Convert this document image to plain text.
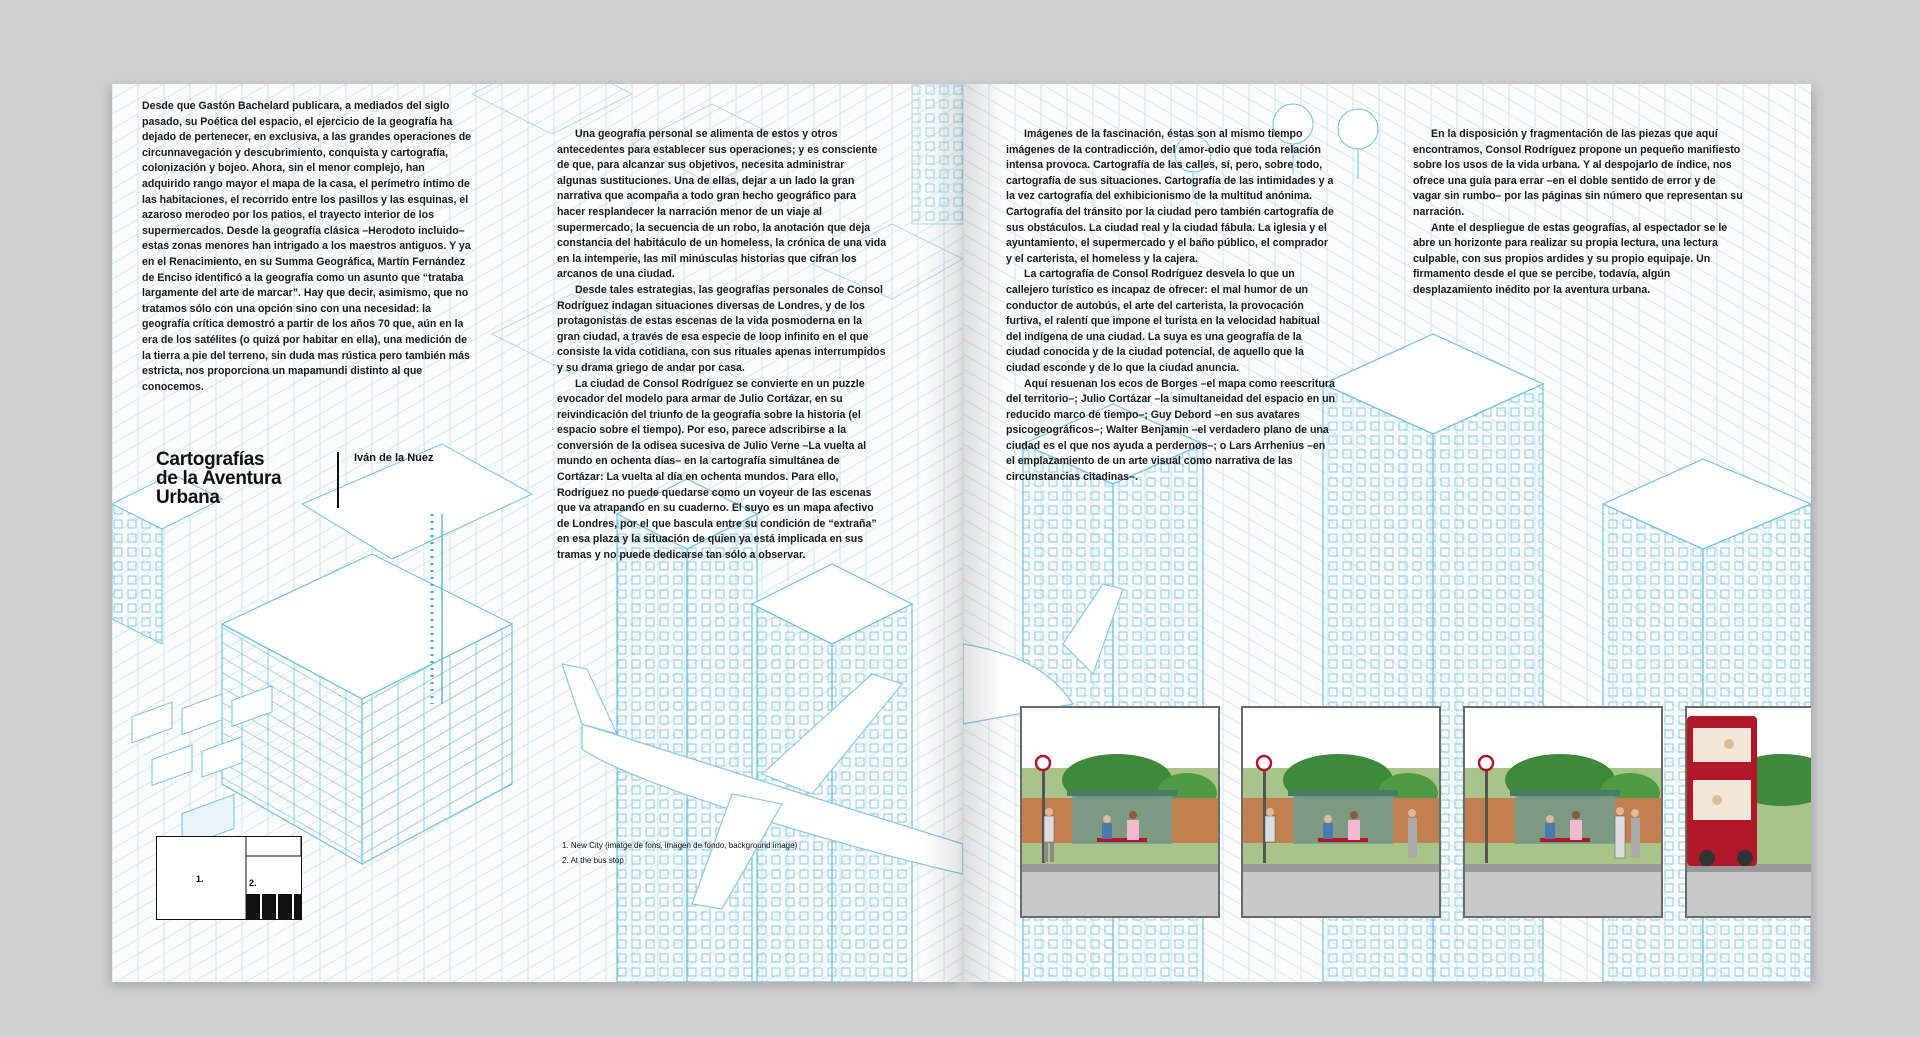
Desde que Gastón Bachelard publicara, a mediados del siglo pasado, su Poética del espacio, el ejercicio de la geografía ha dejado de pertenecer, en exclusiva, a las grandes operaciones de circunnavegación y descubrimiento, conquista y cartografía, colonización y bojeo. Ahora, sin el menor complejo, han adquirido rango mayor el mapa de la casa, el perímetro íntimo de las habitaciones, el recorrido entre los pasillos y las esquinas, el azaroso merodeo por los patios, el trayecto interior de los supermercados. Desde la geografía clásica –Herodoto incluido– estas zonas menores han intrigado a los maestros antiguos. Y ya en el Renacimiento, en su Summa Geográfica, Martín Fernández de Enciso identificó a la geografía como un asunto que “trataba largamente del arte de marcar”. Hay que decir, asimismo, que no tratamos sólo con una opción sino con una necesidad: la geografía crítica demostró a partir de los años 70 que, aún en la era de los satélites (o quizá por habitar en ella), una medición de la tierra a pie del terreno, sin duda mas rústica pero también más estricta, nos proporciona un mapamundi distinto al que conocemos.

Una geografía personal se alimenta de estos y otros antecedentes para establecer sus operaciones; y es consciente de que, para alcanzar sus objetivos, necesita administrar algunas sustituciones. Una de ellas, dejar a un lado la gran narrativa que acompaña a todo gran hecho geográfico para hacer resplandecer la narración menor de un viaje al supermercado, la secuencia de un robo, la anotación que deja constancia del habitáculo de un homeless, la crónica de una vida en la intemperie, las mil minúsculas historias que cifran los arcanos de una ciudad.

Desde tales estrategias, las geografías personales de Consol Rodríguez indagan situaciones diversas de Londres, y de los protagonistas de estas escenas de la vida posmoderna en la gran ciudad, a través de esa especie de loop infinito en el que consiste la vida cotidiana, con sus rituales apenas interrumpidos y su drama griego de andar por casa.

La ciudad de Consol Rodríguez se convierte en un puzzle evocador del modelo para armar de Julio Cortázar, en su reivindicación del triunfo de la geografía sobre la historia (el espacio sobre el tiempo). Por eso, parece adscribirse a la conversión de la odisea sucesiva de Julio Verne –La vuelta al mundo en ochenta días– en la cartografía simultánea de Cortázar: La vuelta al día en ochenta mundos. Para ello, Rodríguez no puede quedarse como un voyeur de las escenas que va atrapando en su cuaderno. El suyo es un mapa afectivo de Londres, por el que bascula entre su condición de “extraña” en esa plaza y la situación de quien ya está implicada en sus tramas y no puede dedicarse tan sólo a observar.

Cartografías
de la Aventura
Urbana
Iván de la Nuez
1.	2.
1. New City (imatge de fons, imagen de fondo, background image)
2. At the bus stop

Imágenes de la fascinación, éstas son al mismo tiempo imágenes de la contradicción, del amor-odio que toda relación intensa provoca. Cartografía de las calles, sí, pero, sobre todo, cartografía de sus situaciones. Cartografía de las intimidades y a la vez cartografía del exhibicionismo de la multitud anónima. Cartografía del tránsito por la ciudad pero también cartografía de sus obstáculos. La ciudad real y la ciudad fábula. La iglesia y el ayuntamiento, el supermercado y el baño público, el comprador y el carterista, el homeless y la cajera.

La cartografía de Consol Rodríguez desvela lo que un callejero turístico es incapaz de ofrecer: el mal humor de un conductor de autobús, el arte del carterista, la provocación furtiva, el ralentí que impone el turista en la velocidad habitual del indígena de una ciudad. La suya es una geografía de la ciudad conocida y de la ciudad potencial, de aquello que la ciudad esconde y de lo que la ciudad anuncia.

Aquí resuenan los ecos de Borges –el mapa como reescritura del territorio–; Julio Cortázar –la simultaneidad del espacio en un reducido marco de tiempo–; Guy Debord –en sus avatares psicogeográficos–; Walter Benjamin –el verdadero plano de una ciudad es el que nos ayuda a perdernos–; o Lars Arrhenius –en el emplazamiento de un arte visual como narrativa de las circunstancias citadinas–.

En la disposición y fragmentación de las piezas que aquí encontramos, Consol Rodríguez propone un pequeño manifiesto sobre los usos de la vida urbana. Y al despojarlo de índice, nos ofrece una guía para errar –en el doble sentido de error y de vagar sin rumbo– por las páginas sin número que representan su narración.

Ante el despliegue de estas geografías, al espectador se le abre un horizonte para realizar su propia lectura, una lectura culpable, con sus propios ardides y su propio equipaje. Un firmamento desde el que se percibe, todavía, algún desplazamiento inédito por la aventura urbana.
